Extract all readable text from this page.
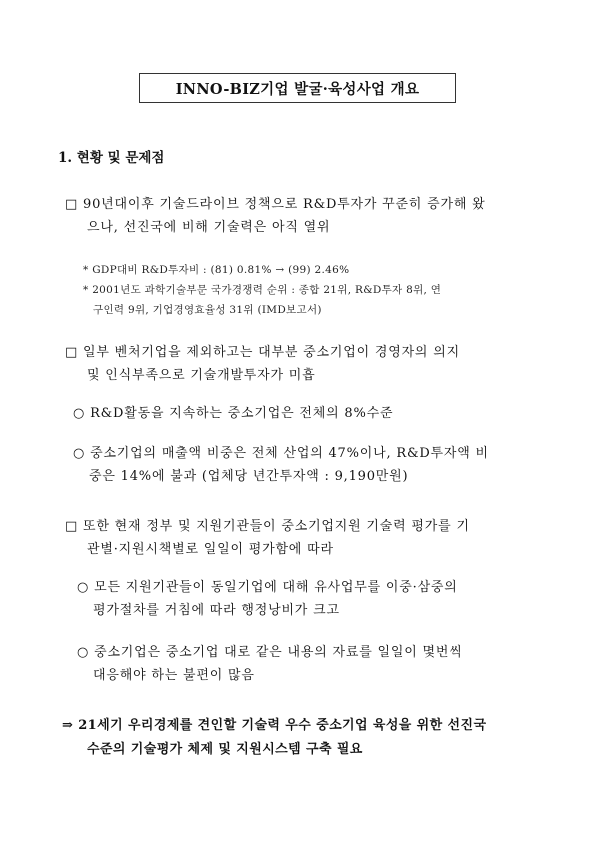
INNO-BIZ기업 발굴·육성사업 개요
1. 현황 및 문제점
□ 90년대이후 기술드라이브 정책으로 R&D투자가 꾸준히 증가해 왔
으나, 선진국에 비해 기술력은 아직 열위
* GDP대비 R&D투자비 : (81) 0.81% → (99) 2.46%
* 2001년도 과학기술부문 국가경쟁력 순위 : 종합 21위, R&D투자 8위, 연
구인력 9위, 기업경영효율성 31위 (IMD보고서)
□ 일부 벤처기업을 제외하고는 대부분 중소기업이 경영자의 의지
및 인식부족으로 기술개발투자가 미흡
○ R&D활동을 지속하는 중소기업은 전체의 8%수준
○ 중소기업의 매출액 비중은 전체 산업의 47%이나, R&D투자액 비
중은 14%에 불과 (업체당 년간투자액 : 9,190만원)
□ 또한 현재 정부 및 지원기관들이 중소기업지원 기술력 평가를 기
관별·지원시책별로 일일이 평가함에 따라
○ 모든 지원기관들이 동일기업에 대해 유사업무를 이중·삼중의
평가절차를 거침에 따라 행정낭비가 크고
○ 중소기업은 중소기업 대로 같은 내용의 자료를 일일이 몇번씩
대응해야 하는 불편이 많음
⇒ 21세기 우리경제를 견인할 기술력 우수 중소기업 육성을 위한 선진국
수준의 기술평가 체제 및 지원시스템 구축 필요
